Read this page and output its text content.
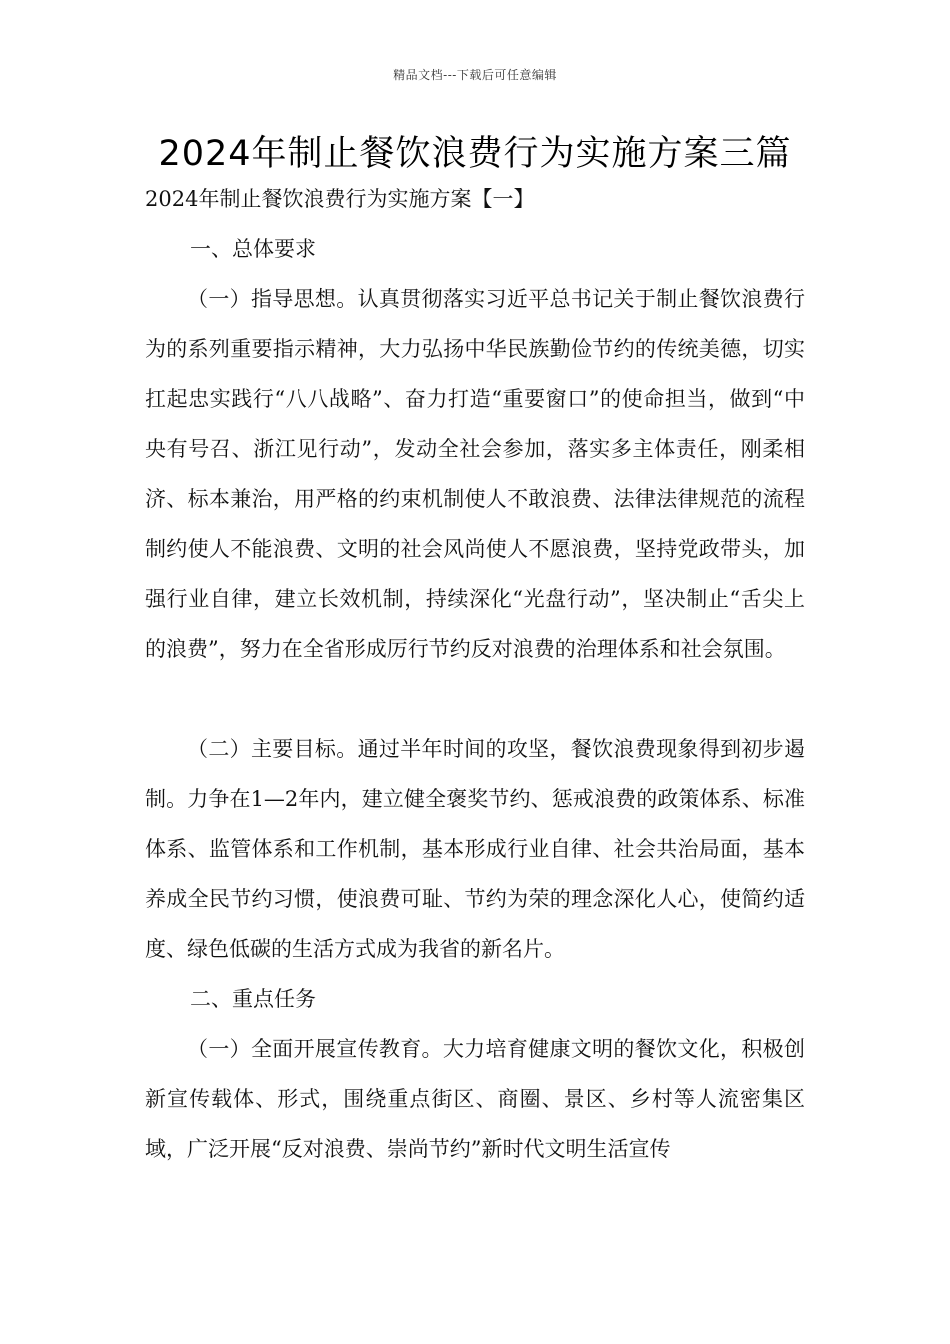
精品文档---下载后可任意编辑
2024年制止餐饮浪费行为实施方案三篇

2024年制止餐饮浪费行为实施方案【一】

一、总体要求

（一）指导思想。认真贯彻落实习近平总书记关于制止餐饮浪费行为的系列重要指示精神，大力弘扬中华民族勤俭节约的传统美德，切实扛起忠实践行“八八战略”、奋力打造“重要窗口”的使命担当，做到“中央有号召、浙江见行动”，发动全社会参加，落实多主体责任，刚柔相济、标本兼治，用严格的约束机制使人不敢浪费、法律法律规范的流程制约使人不能浪费、文明的社会风尚使人不愿浪费，坚持党政带头，加强行业自律，建立长效机制，持续深化“光盘行动”，坚决制止“舌尖上的浪费”，努力在全省形成厉行节约反对浪费的治理体系和社会氛围。

（二）主要目标。通过半年时间的攻坚，餐饮浪费现象得到初步遏制。力争在1—2年内，建立健全褒奖节约、惩戒浪费的政策体系、标准体系、监管体系和工作机制，基本形成行业自律、社会共治局面，基本养成全民节约习惯，使浪费可耻、节约为荣的理念深化人心，使简约适度、绿色低碳的生活方式成为我省的新名片。

二、重点任务

（一）全面开展宣传教育。大力培育健康文明的餐饮文化，积极创新宣传载体、形式，围绕重点街区、商圈、景区、乡村等人流密集区域，广泛开展“反对浪费、崇尚节约”新时代文明生活宣传
